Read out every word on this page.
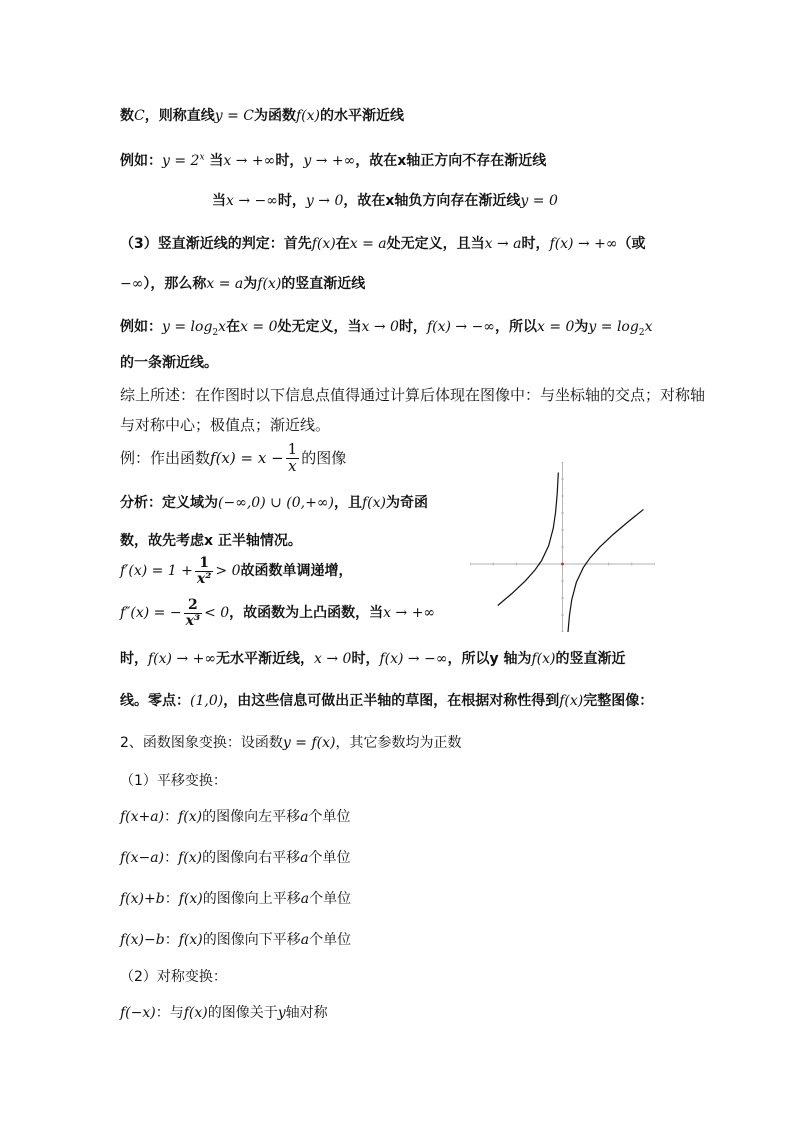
数C，则称直线y = C为函数f(x)的水平渐近线
例如：$y = 2^x$ 当x → +∞时，y → +∞，故在x轴正方向不存在渐近线
当x → −∞时，y → 0，故在x轴负方向存在渐近线y = 0
（3）竖直渐近线的判定：首先f(x)在x = a处无定义，且当x → a时，f(x) → +∞（或
−∞），那么称x = a为f(x)的竖直渐近线
例如：$y = \log_2x$在x = 0处无定义，当x → 0时，f(x) → −∞，所以x = 0为$y = \log_2x$
的一条渐近线。
综上所述：在作图时以下信息点值得通过计算后体现在图像中：与坐标轴的交点；对称轴
与对称中心；极值点；渐近线。
例：作出函数$f(x) = x - \frac{1}{x}$ 的图像
分析：定义域为(−∞,0) ∪ (0,+∞)，且f(x)为奇函
数，故先考虑x 正半轴情况。
$f'(x) = 1 + \frac{1}{\text{x²}} > 0$故函数单调递增，
f″(x) = − $\frac{2}{\text{x³}} < 0$，故函数为上凸函数，当x → +∞
时，f(x) → +∞无水平渐近线，x → 0时，f(x) → −∞，所以y 轴为f(x)的竖直渐近
线。零点：(1,0)，由这些信息可做出正半轴的草图，在根据对称性得到f(x)完整图像：
2、函数图象变换：设函数y = f(x)，其它参数均为正数
（1）平移变换：
f(x+a)：f(x)的图像向左平移a个单位
f(x−a)：f(x)的图像向右平移a个单位
f(x)+b：f(x)的图像向上平移a个单位
f(x)−b：f(x)的图像向下平移a个单位
（2）对称变换：
f(−x)：与f(x)的图像关于y轴对称
